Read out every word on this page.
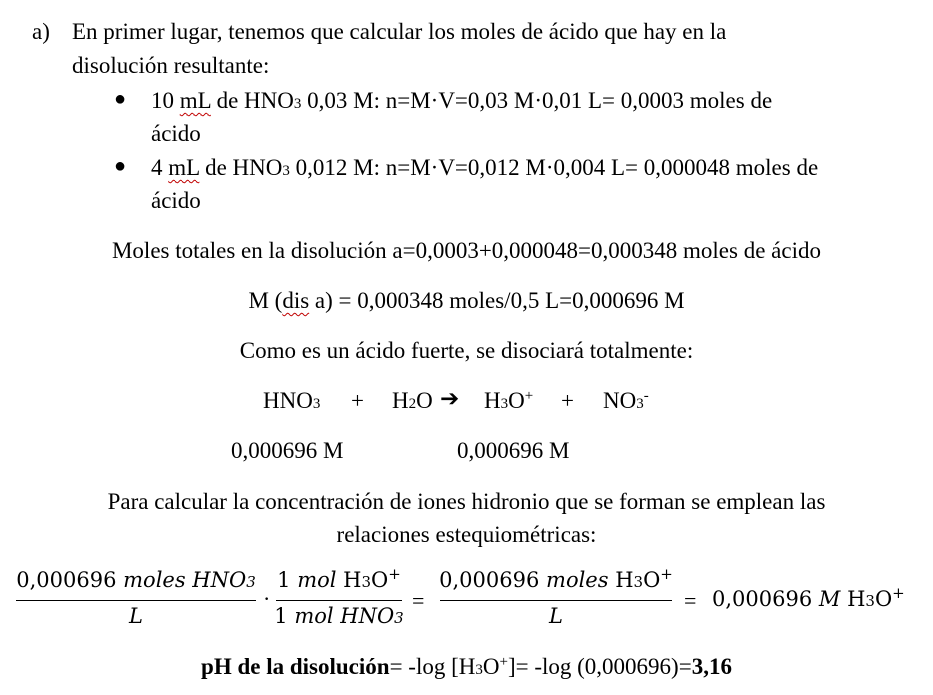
a) En primer lugar, tenemos que calcular los moles de ácido que hay en la
disolución resultante:
● 10 mL de HNO3 0,03 M: n=M·V=0,03 M·0,01 L= 0,0003 moles de
ácido
● 4 mL de HNO3 0,012 M: n=M·V=0,012 M·0,004 L= 0,000048 moles de
ácido
Moles totales en la disolución a=0,0003+0,000048=0,000348 moles de ácido
M (dis a) = 0,000348 moles/0,5 L=0,000696 M
Como es un ácido fuerte, se disociará totalmente:
HNO3 + H2O ➔ H3O+ + NO3-
0,000696 M	0,000696 M
Para calcular la concentración de iones hidronio que se forman se emplean las
relaciones estequiométricas:
0,000696 moles HNO3
L
·
1 mol H3O+
1 mol HNO3
=
0,000696 moles H3O+
L
= 0,000696 M H3O+
pH de la disolución= -log [H3O+]= -log (0,000696)=3,16
